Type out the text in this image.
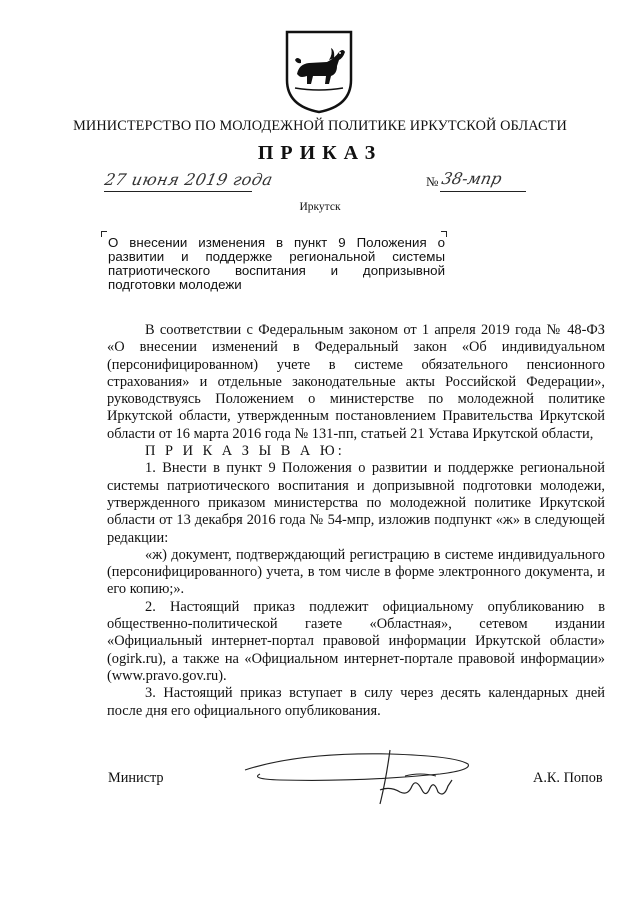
МИНИСТЕРСТВО ПО МОЛОДЕЖНОЙ ПОЛИТИКЕ ИРКУТСКОЙ ОБЛАСТИ
ПРИКАЗ
27 июня 2019 года	№ 38-мпр
Иркутск
О внесении изменения в пункт 9 Положения о развитии и поддержке региональной системы патриотического воспитания и допризывной подготовки молодежи

В соответствии с Федеральным законом от 1 апреля 2019 года № 48-ФЗ «О внесении изменений в Федеральный закон «Об индивидуальном (персонифицированном) учете в системе обязательного пенсионного страхования» и отдельные законодательные акты Российской Федерации», руководствуясь Положением о министерстве по молодежной политике Иркутской области, утвержденным постановлением Правительства Иркутской области от 16 марта 2016 года № 131-пп, статьей 21 Устава Иркутской области,

П Р И К А З Ы В А Ю:

1. Внести в пункт 9 Положения о развитии и поддержке региональной системы патриотического воспитания и допризывной подготовки молодежи, утвержденного приказом министерства по молодежной политике Иркутской области от 13 декабря 2016 года № 54-мпр, изложив подпункт «ж» в следующей редакции:

«ж) документ, подтверждающий регистрацию в системе индивидуального (персонифицированного) учета, в том числе в форме электронного документа, и его копию;».

2. Настоящий приказ подлежит официальному опубликованию в общественно-политической газете «Областная», сетевом издании «Официальный интернет-портал правовой информации Иркутской области» (ogirk.ru), а также на «Официальном интернет-портале правовой информации» (www.pravo.gov.ru).

3. Настоящий приказ вступает в силу через десять календарных дней после дня его официального опубликования.

Министр	А.К. Попов
